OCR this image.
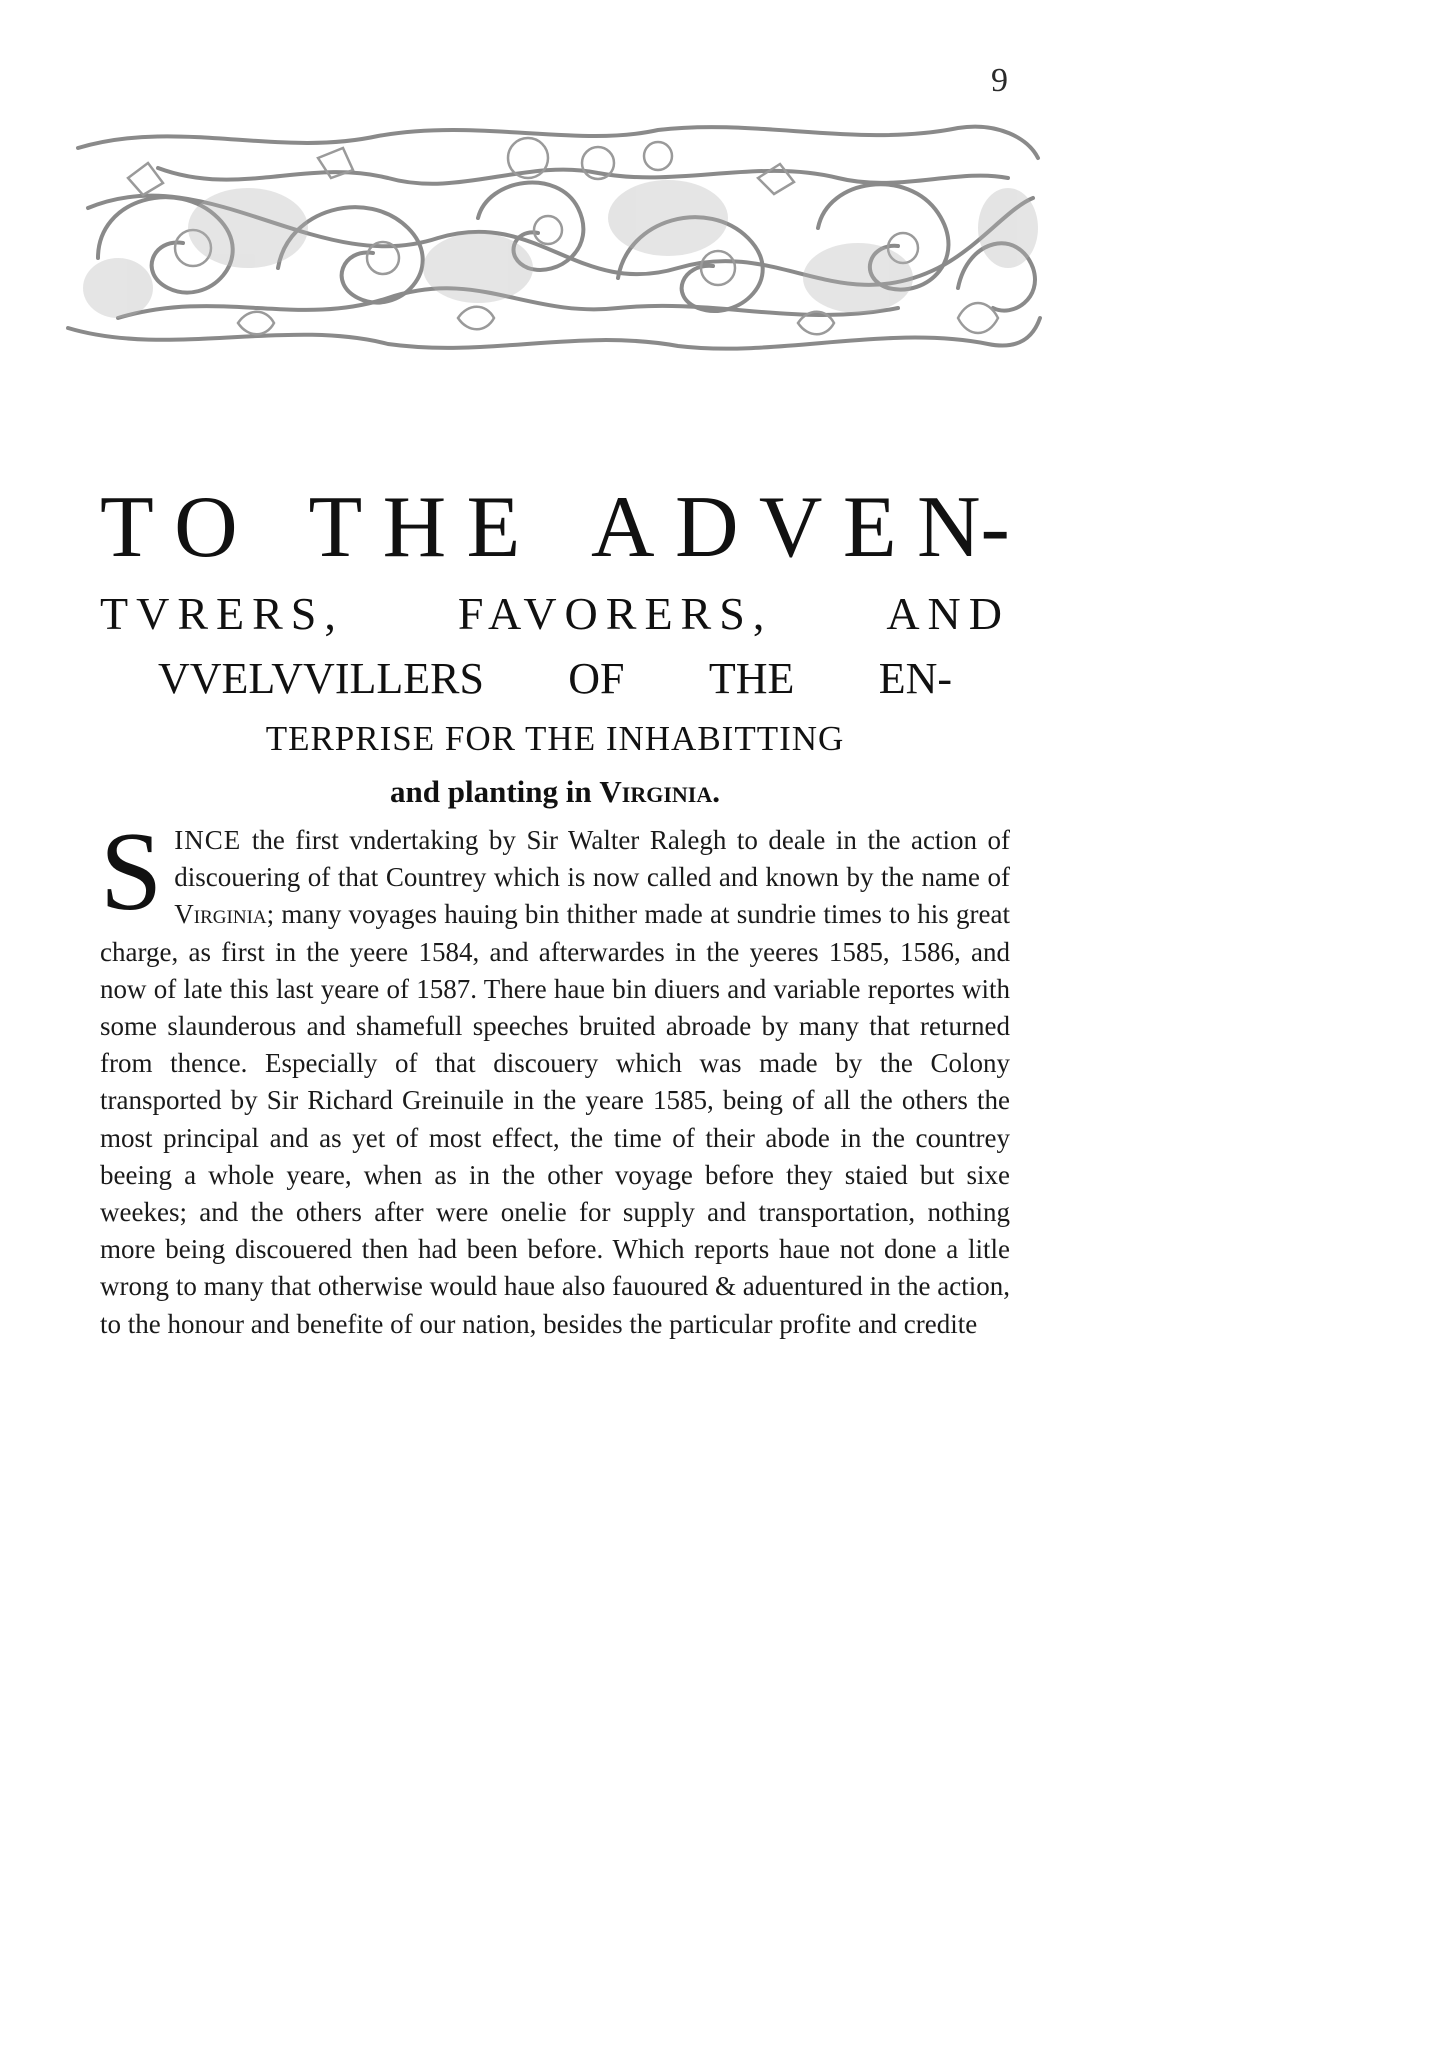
9
T O T H E A D V E N-
TVRERS, FAVORERS, AND
VVELVVILLERS OF THE EN-
TERPRISE FOR THE INHABITTING
and planting in Virginia.
SINCE the first vndertaking by Sir Walter Ralegh to deale in the action of discouering of that Countrey which is now called and known by the name of Virginia; many voyages hauing bin thither made at sundrie times to his great charge, as first in the yeere 1584, and afterwardes in the yeeres 1585, 1586, and now of late this last yeare of 1587. There haue bin diuers and variable reportes with some slaunderous and shamefull speeches bruited abroade by many that returned from thence. Especially of that discouery which was made by the Colony transported by Sir Richard Greinuile in the yeare 1585, being of all the others the most principal and as yet of most effect, the time of their abode in the countrey beeing a whole yeare, when as in the other voyage before they staied but sixe weekes; and the others after were onelie for supply and transportation, nothing more being discouered then had been before. Which reports haue not done a litle wrong to many that otherwise would haue also fauoured & aduentured in the action, to the honour and benefite of our nation, besides the particular profite and credite
